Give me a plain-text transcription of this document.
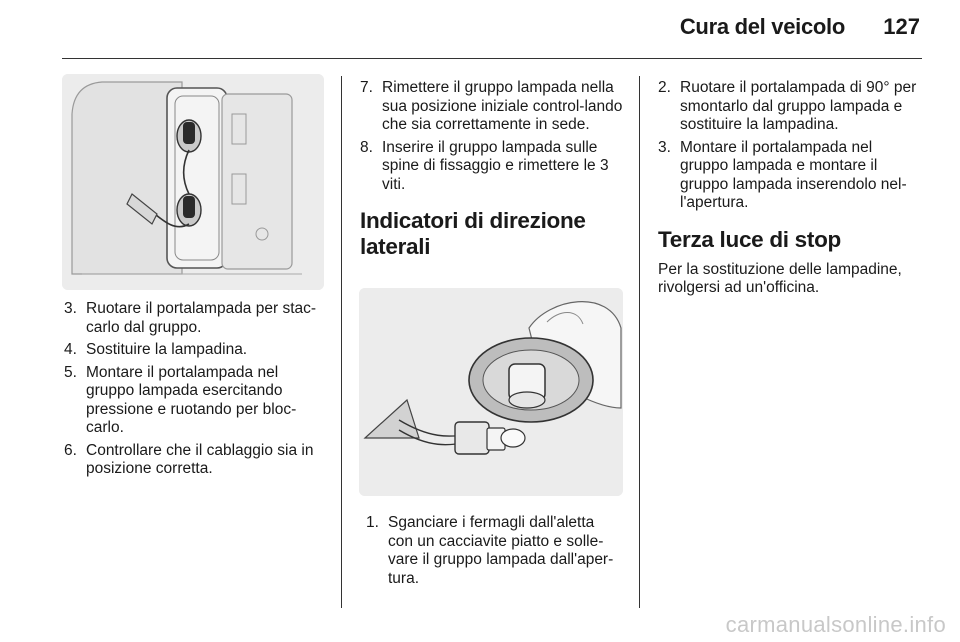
Cura del veicolo	127
3. Ruotare il portalampada per stac-carlo dal gruppo.
4. Sostituire la lampadina.
5. Montare il portalampada nel gruppo lampada esercitando pressione e ruotando per bloc-carlo.
6. Controllare che il cablaggio sia in posizione corretta.
7. Rimettere il gruppo lampada nella sua posizione iniziale control-lando che sia correttamente in sede.
8. Inserire il gruppo lampada sulle spine di fissaggio e rimettere le 3 viti.
Indicatori di direzione laterali
1. Sganciare i fermagli dall'aletta con un cacciavite piatto e solle-vare il gruppo lampada dall'aper-tura.
2. Ruotare il portalampada di 90° per smontarlo dal gruppo lampada e sostituire la lampadina.
3. Montare il portalampada nel gruppo lampada e montare il gruppo lampada inserendolo nel-l'apertura.
Terza luce di stop

Per la sostituzione delle lampadine, rivolgersi ad un'officina.

carmanualsonline.info
